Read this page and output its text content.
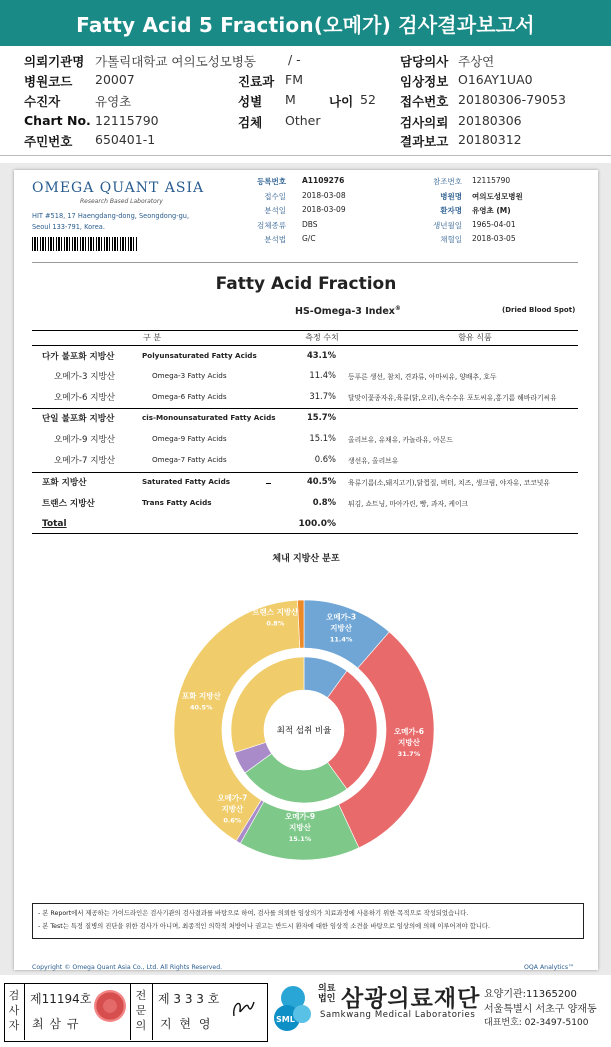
Fatty Acid 5 Fraction(오메가) 검사결과보고서
OMEGA QUANT ASIA
Research Based Laboratory
HIT #518, 17 Haengdang-dong, Seongdong-gu,
Seoul 133-791, Korea.
등록번호 A1109276
접수일 2018-03-08
분석일 2018-03-09
검체종류 DBS
분석법 G/C
참조번호 12115790
병원명 여의도성모병원
환자명 유영초 (M)
생년월일 1965-04-01
채혈일 2018-03-05
Fatty Acid Fraction
HS-Omega-3 Index®	(Dried Blood Spot)
구 분	측정 수치	함유 식품
Total	100.0%
체내 지방산 분포
최적 섭취 비율
오메가-3
지방산
11.4%
오메가-6
지방산
31.7%
오메가-9
지방산
15.1%
오메가-7
지방산
0.6%
포화 지방산
40.5%
트랜스 지방산
0.8%
- 본 Report에서 제공하는 가이드라인은 검사기관의 검사결과를 바탕으로 하여, 검사를 의뢰한 임상의가 치료과정에 사용하기 위한 목적으로 작성되었습니다.
- 본 Test는 특정 질병의 진단을 위한 검사가 아니며, 최종적인 의학적 처방이나 권고는 반드시 환자에 대한 임상적 소견을 바탕으로 임상의에 의해 이루어져야 합니다.
Copyright © Omega Quant Asia Co., Ltd. All Rights Reserved.	OQA Analytics™
다가 불포화 지방산	Polyunsaturated Fatty Acids	43.1%
오메가-3 지방산	Omega-3 Fatty Acids	11.4% 등푸른 생선, 참치, 견과류, 아마씨유, 양배추, 호두
오메가-6 지방산	Omega-6 Fatty Acids	31.7% 달맞이꽃종자유,육류(닭,오리),옥수수유 포도씨유,홍기름 해바라기씨유
단일 불포화 지방산	cis-Monounsaturated Fatty Acids	15.7%
오메가-9 지방산	Omega-9 Fatty Acids	15.1% 올리브유, 유채유, 카놀라유, 아몬드
오메가-7 지방산	Omega-7 Fatty Acids	0.6% 생선유, 올리브유
포화 지방산	Saturated Fatty Acids	40.5% 육류기름(소,돼지고기),닭껍질, 버터, 치즈, 생크림, 야자유, 코코넛유
트랜스 지방산	Trans Fatty Acids	0.8% 튀김, 쇼트닝, 마아가린, 빵, 과자, 케이크
검사자
제11194호
최 삼 규
전문의
제 3 3 3 호
지 현 영	SML
의료
법인 삼광의료재단
Samkwang Medical Laboratories
요양기관:11365200
서울특별시 서초구 양재동
대표번호: 02-3497-5100
의뢰기관명 가톨릭대학교 여의도성모병동	/ -	담당의사 주상연
병원코드 20007	진료과 FM	임상정보 O16AY1UA0
수진자	유영초	성별 M	나이 52 접수번호 20180306-79053
Chart No. 12115790	검체 Other	검사의뢰 20180306
주민번호 650401-1	결과보고 20180312
